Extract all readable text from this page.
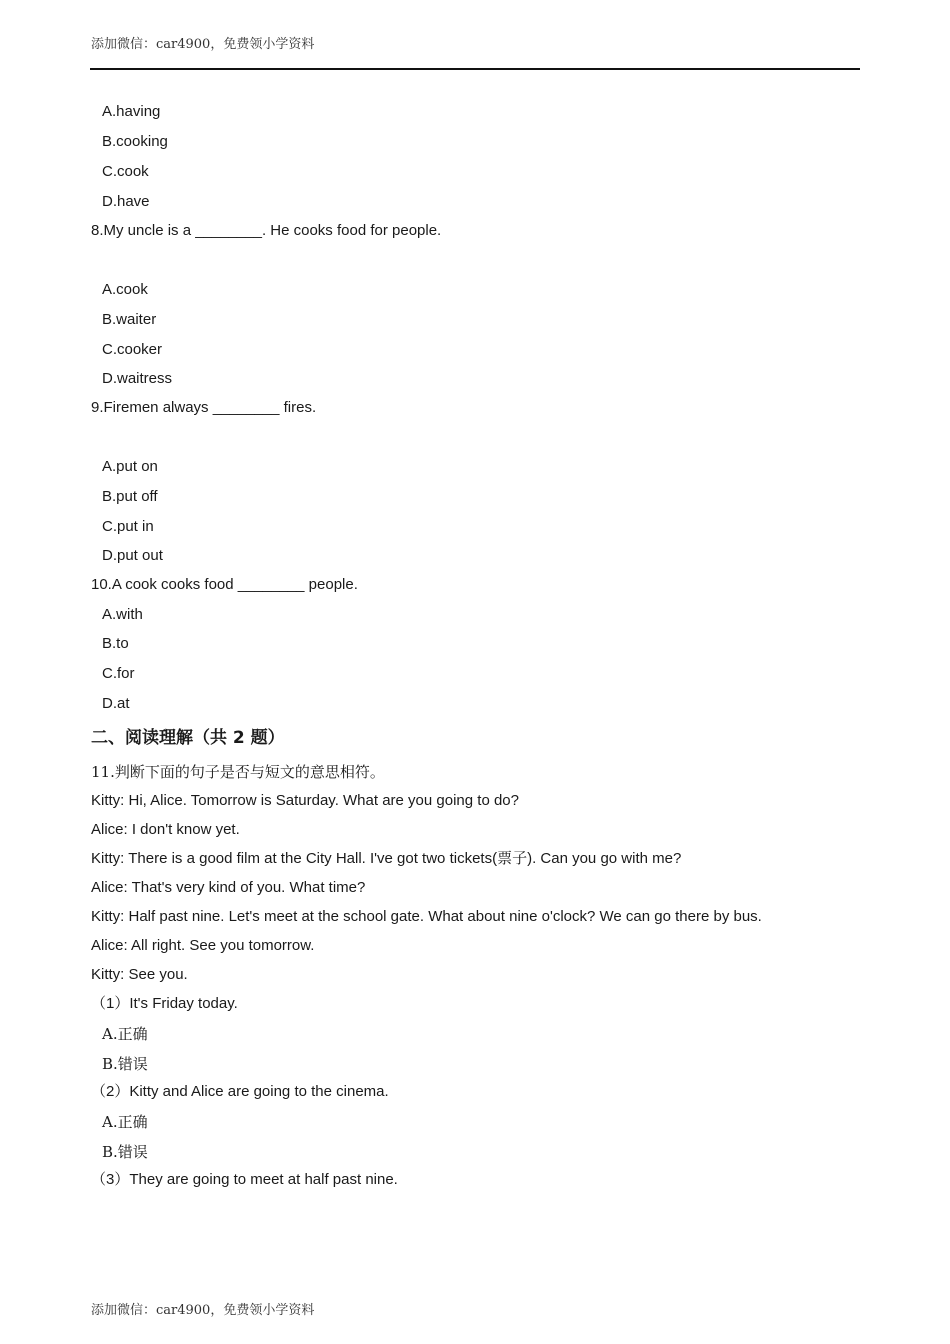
添加微信：car4900，免费领小学资料
A.having
B.cooking
C.cook
D.have
8.My uncle is a ________. He cooks food for people.
A.cook
B.waiter
C.cooker
D.waitress
9.Firemen always ________ fires.
A.put on
B.put off
C.put in
D.put out
10.A cook cooks food ________ people.
A.with
B.to
C.for
D.at
二、阅读理解（共 2 题）
11.判断下面的句子是否与短文的意思相符。
Kitty: Hi, Alice. Tomorrow is Saturday. What are you going to do?
Alice: I don't know yet.
Kitty: There is a good film at the City Hall. I've got two tickets(票子). Can you go with me?
Alice: That's very kind of you. What time?
Kitty: Half past nine. Let's meet at the school gate. What about nine o'clock? We can go there by bus.
Alice: All right. See you tomorrow.
Kitty: See you.
（1）It's Friday today.
A.正确
B.错误
（2）Kitty and Alice are going to the cinema.
A.正确
B.错误
（3）They are going to meet at half past nine.
添加微信：car4900，免费领小学资料
